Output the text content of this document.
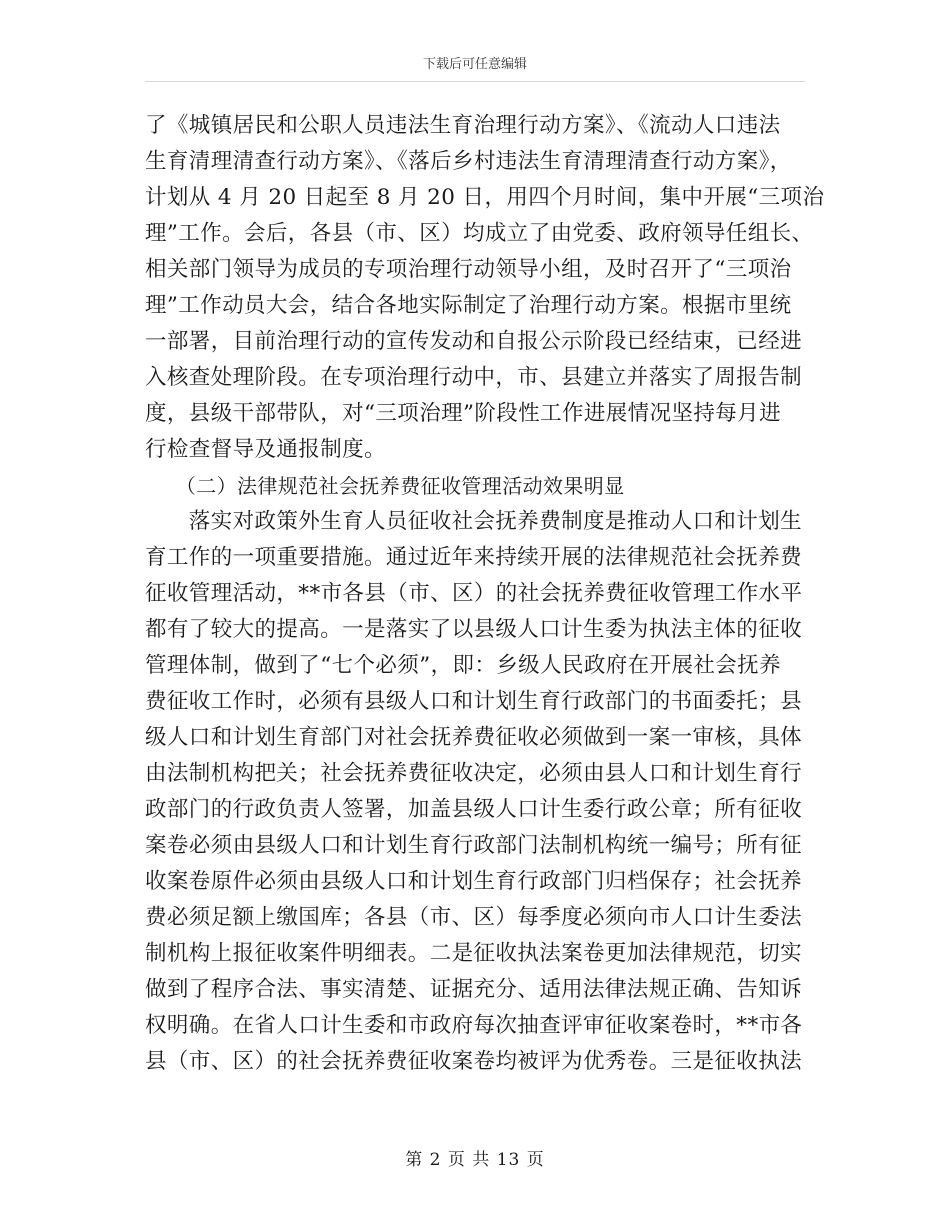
下载后可任意编辑
了《城镇居民和公职人员违法生育治理行动方案》、《流动人口违法
生育清理清查行动方案》、《落后乡村违法生育清理清查行动方案》，
计划从 4 月 20 日起至 8 月 20 日，用四个月时间，集中开展“三项治
理”工作。会后，各县（市、区）均成立了由党委、政府领导任组长、
相关部门领导为成员的专项治理行动领导小组，及时召开了“三项治
理”工作动员大会，结合各地实际制定了治理行动方案。根据市里统
一部署，目前治理行动的宣传发动和自报公示阶段已经结束，已经进
入核查处理阶段。在专项治理行动中，市、县建立并落实了周报告制
度，县级干部带队，对“三项治理”阶段性工作进展情况坚持每月进
行检查督导及通报制度。
　　（二）法律规范社会抚养费征收管理活动效果明显
　　落实对政策外生育人员征收社会抚养费制度是推动人口和计划生
育工作的一项重要措施。通过近年来持续开展的法律规范社会抚养费
征收管理活动，**市各县（市、区）的社会抚养费征收管理工作水平
都有了较大的提高。一是落实了以县级人口计生委为执法主体的征收
管理体制，做到了“七个必须”，即：乡级人民政府在开展社会抚养
费征收工作时，必须有县级人口和计划生育行政部门的书面委托；县
级人口和计划生育部门对社会抚养费征收必须做到一案一审核，具体
由法制机构把关；社会抚养费征收决定，必须由县人口和计划生育行
政部门的行政负责人签署，加盖县级人口计生委行政公章；所有征收
案卷必须由县级人口和计划生育行政部门法制机构统一编号；所有征
收案卷原件必须由县级人口和计划生育行政部门归档保存；社会抚养
费必须足额上缴国库；各县（市、区）每季度必须向市人口计生委法
制机构上报征收案件明细表。二是征收执法案卷更加法律规范，切实
做到了程序合法、事实清楚、证据充分、适用法律法规正确、告知诉
权明确。在省人口计生委和市政府每次抽查评审征收案卷时，**市各
县（市、区）的社会抚养费征收案卷均被评为优秀卷。三是征收执法
第 2 页 共 13 页
